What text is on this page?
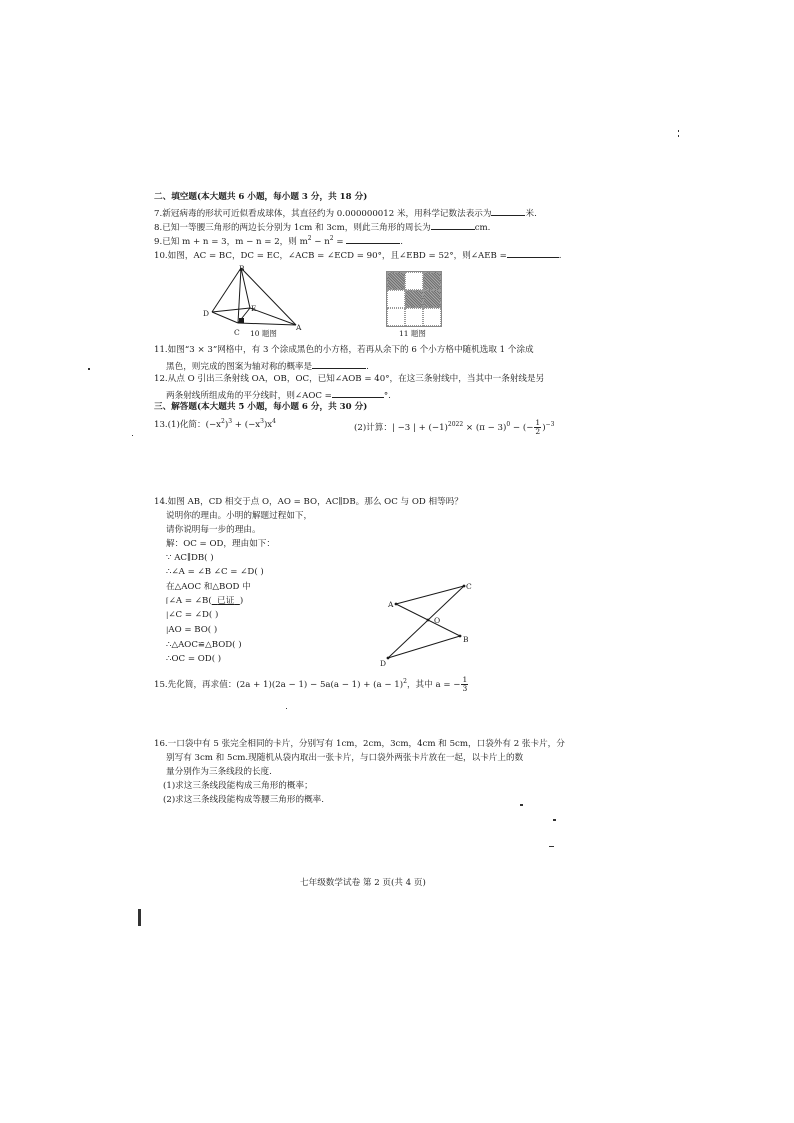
二、填空题(本大题共 6 小题，每小题 3 分，共 18 分)
7.新冠病毒的形状可近似看成球体，其直径约为 0.000000012 米，用科学记数法表示为	米.
8.已知一等腰三角形的两边长分别为 1cm 和 3cm，则此三角形的周长为	cm.
9.已知 m + n = 3，m − n = 2，则 $m^2 - n^2$ =	.
10.如图，AC = BC，DC = EC，∠ACB = ∠ECD = 90°，且∠EBD = 52°，则∠AEB =	.
B
D
E
C
A
10 题图	11 题图
11.如图“3 × 3”网格中，有 3 个涂成黑色的小方格，若再从余下的 6 个小方格中随机选取 1 个涂成
黑色，则完成的图案为轴对称的概率是	.
12.从点 O 引出三条射线 OA，OB，OC，已知∠AOB = 40°，在这三条射线中，当其中一条射线是另
两条射线所组成角的平分线时，则∠AOC =	°.
三、解答题(本大题共 5 小题，每小题 6 分，共 30 分)
13.(1)化简：$(-x^2)^3 + (-x^3)x^4$
(2)计算：| −3 | + $(-1)^{2022} \times (\pi - 3)^0$ − (− $\frac{1}{2} )^{-3}$
14.如图 AB，CD 相交于点 O，AO = BO，AC∥DB。那么 OC 与 OD 相等吗？
说明你的理由。小明的解题过程如下，
请你说明每一步的理由。
解：OC = OD，理由如下：
∵ AC∥DB( )
∴∠A = ∠B ∠C = ∠D( )
在△AOC 和△BOD 中
⌈∠A = ∠B( 已证 )
|∠C = ∠D( )
|AO = BO( )
∴△AOC≌△BOD( )
∴OC = OD( )
A
C
O
B
D
15.先化简，再求值：$(2a + 1)(2a - 1) - 5a(a - 1) + (a - 1)^2$，其中 a = − $\frac{1}{3}$
16.一口袋中有 5 张完全相同的卡片，分别写有 1cm，2cm，3cm，4cm 和 5cm，口袋外有 2 张卡片，分
别写有 3cm 和 5cm.现随机从袋内取出一张卡片，与口袋外两张卡片放在一起，以卡片上的数
量分别作为三条线段的长度.
(1)求这三条线段能构成三角形的概率；
(2)求这三条线段能构成等腰三角形的概率.
七年级数学试卷 第 2 页(共 4 页)
